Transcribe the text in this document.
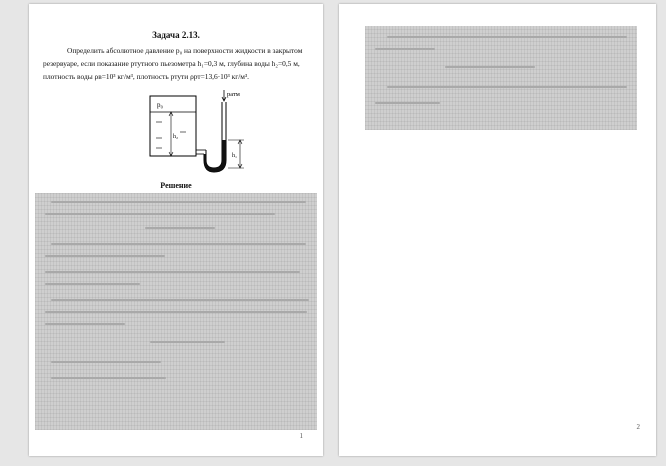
Задача 2.13.

Определить абсолютное давление p₀ на поверхности жидкости в закрытом
резервуаре, если показание ртутного пьезометра h₁=0,3 м, глубина воды h₂=0,5 м,
плотность воды ρв=10³ кг/м³, плотность ртути ρрт=13,6·10³ кг/м³.

h₂
p₀
pатм
h₁
Решение
1
2
